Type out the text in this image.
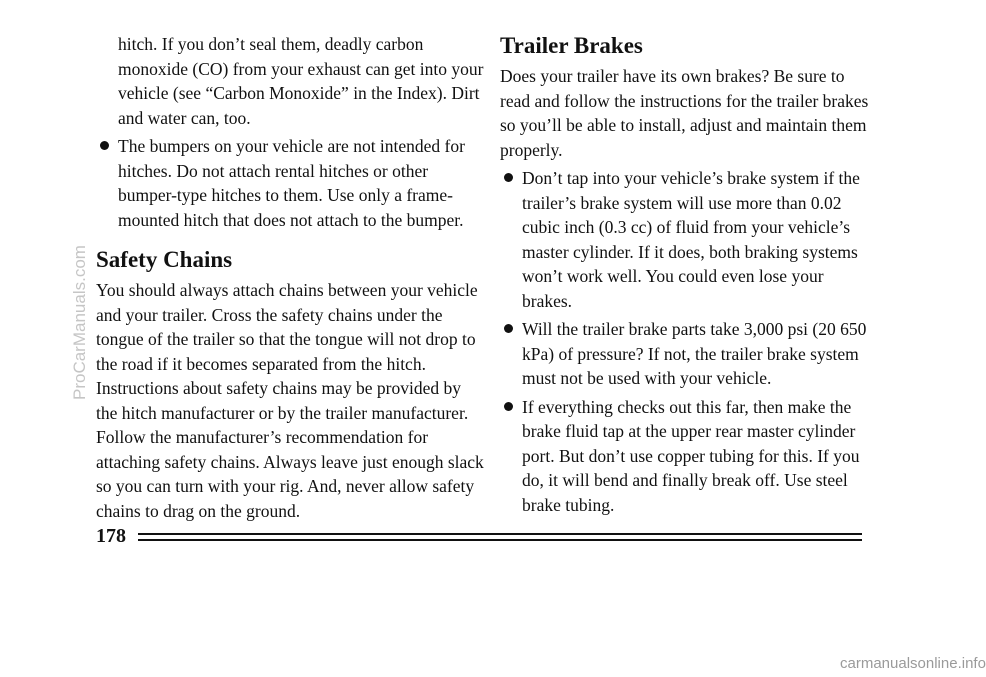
hitch. If you don’t seal them, deadly carbon monoxide (CO) from your exhaust can get into your vehicle (see “Carbon Monoxide” in the Index). Dirt and water can, too.

The bumpers on your vehicle are not intended for hitches. Do not attach rental hitches or other bumper-type hitches to them. Use only a frame-mounted hitch that does not attach to the bumper.
Safety Chains

You should always attach chains between your vehicle and your trailer. Cross the safety chains under the tongue of the trailer so that the tongue will not drop to the road if it becomes separated from the hitch. Instructions about safety chains may be provided by the hitch manufacturer or by the trailer manufacturer. Follow the manufacturer’s recommendation for attaching safety chains. Always leave just enough slack so you can turn with your rig. And, never allow safety chains to drag on the ground.

Trailer Brakes

Does your trailer have its own brakes? Be sure to read and follow the instructions for the trailer brakes so you’ll be able to install, adjust and maintain them properly.

Don’t tap into your vehicle’s brake system if the trailer’s brake system will use more than 0.02 cubic inch (0.3 cc) of fluid from your vehicle’s master cylinder. If it does, both braking systems won’t work well. You could even lose your brakes.
Will the trailer brake parts take 3,000 psi (20 650 kPa) of pressure? If not, the trailer brake system must not be used with your vehicle.
If everything checks out this far, then make the brake fluid tap at the upper rear master cylinder port. But don’t use copper tubing for this. If you do, it will bend and finally break off. Use steel brake tubing.
178
ProCarManuals.com
carmanualsonline.info
